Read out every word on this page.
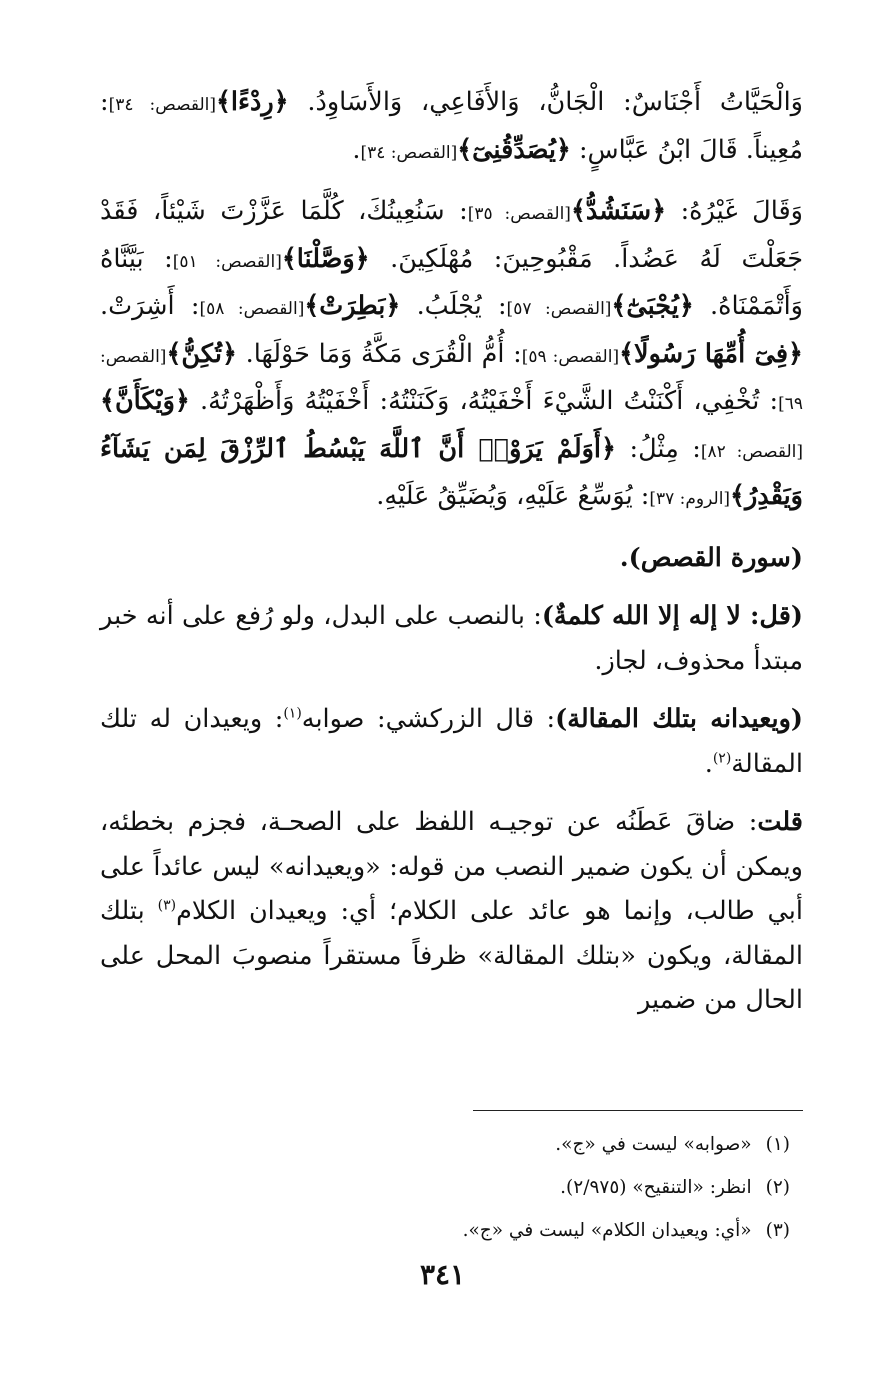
وَالْحَيَّاتُ أَجْنَاسٌ: الْجَانُّ، وَالأَفَاعِي، وَالأَسَاوِدُ. ﴿رِدْءًا﴾[القصص: ٣٤]: مُعِيناً. قَالَ ابْنُ عَبَّاسٍ: ﴿يُصَدِّقُنِىٓ﴾[القصص: ٣٤].

وَقَالَ غَيْرُهُ: ﴿سَنَشُدُّ﴾[القصص: ٣٥]: سَنُعِينُكَ، كُلَّمَا عَزَّزْتَ شَيْئاً، فَقَدْ جَعَلْتَ لَهُ عَضُداً. مَقْبُوحِينَ: مُهْلَكِينَ. ﴿وَصَّلْنَا﴾[القصص: ٥١]: بَيَّنَّاهُ وَأَتْمَمْنَاهُ. ﴿يُجْبَىٰٓ﴾[القصص: ٥٧]: يُجْلَبُ. ﴿بَطِرَتْ﴾[القصص: ٥٨]: أَشِرَتْ. ﴿فِىٓ أُمِّهَا رَسُولًا﴾[القصص: ٥٩]: أُمُّ الْقُرَى مَكَّةُ وَمَا حَوْلَهَا. ﴿تُكِنُّ﴾[القصص: ٦٩]: تُخْفِي، أَكْنَنْتُ الشَّيْءَ أَخْفَيْتُهُ، وَكَنَنْتُهُ: أَخْفَيْتُهُ وَأَظْهَرْتُهُ. ﴿وَيْكَأَنَّ﴾[القصص: ٨٢]: مِثْلُ: ﴿أَوَلَمْ يَرَوْا۟ أَنَّ ٱللَّهَ يَبْسُطُ ٱلرِّزْقَ لِمَن يَشَآءُ وَيَقْدِرُ﴾[الروم: ٣٧]: يُوَسِّعُ عَلَيْهِ، وَيُضَيِّقُ عَلَيْهِ.

(سورة القصص).

(قل: لا إله إلا الله كلمةٌ): بالنصب على البدل، ولو رُفع على أنه خبر مبتدأ محذوف، لجاز.

(ويعيدانه بتلك المقالة): قال الزركشي: صوابه$^{(١)}$: ويعيدان له تلك المقالة$^{(٢)}$.

قلت: ضاقَ عَطَنُه عن توجيـه اللفظ على الصحـة، فجزم بخطئه، ويمكن أن يكون ضمير النصب من قوله: «ويعيدانه» ليس عائداً على أبي طالب، وإنما هو عائد على الكلام؛ أي: ويعيدان الكلام$^{(٣)}$ بتلك المقالة، ويكون «بتلك المقالة» ظرفاً مستقراً منصوبَ المحل على الحال من ضمير

(١)«صوابه» ليست في «ج».
(٢)انظر: «التنقيح» (٢/٩٧٥).
(٣)«أي: ويعيدان الكلام» ليست في «ج».
٣٤١
